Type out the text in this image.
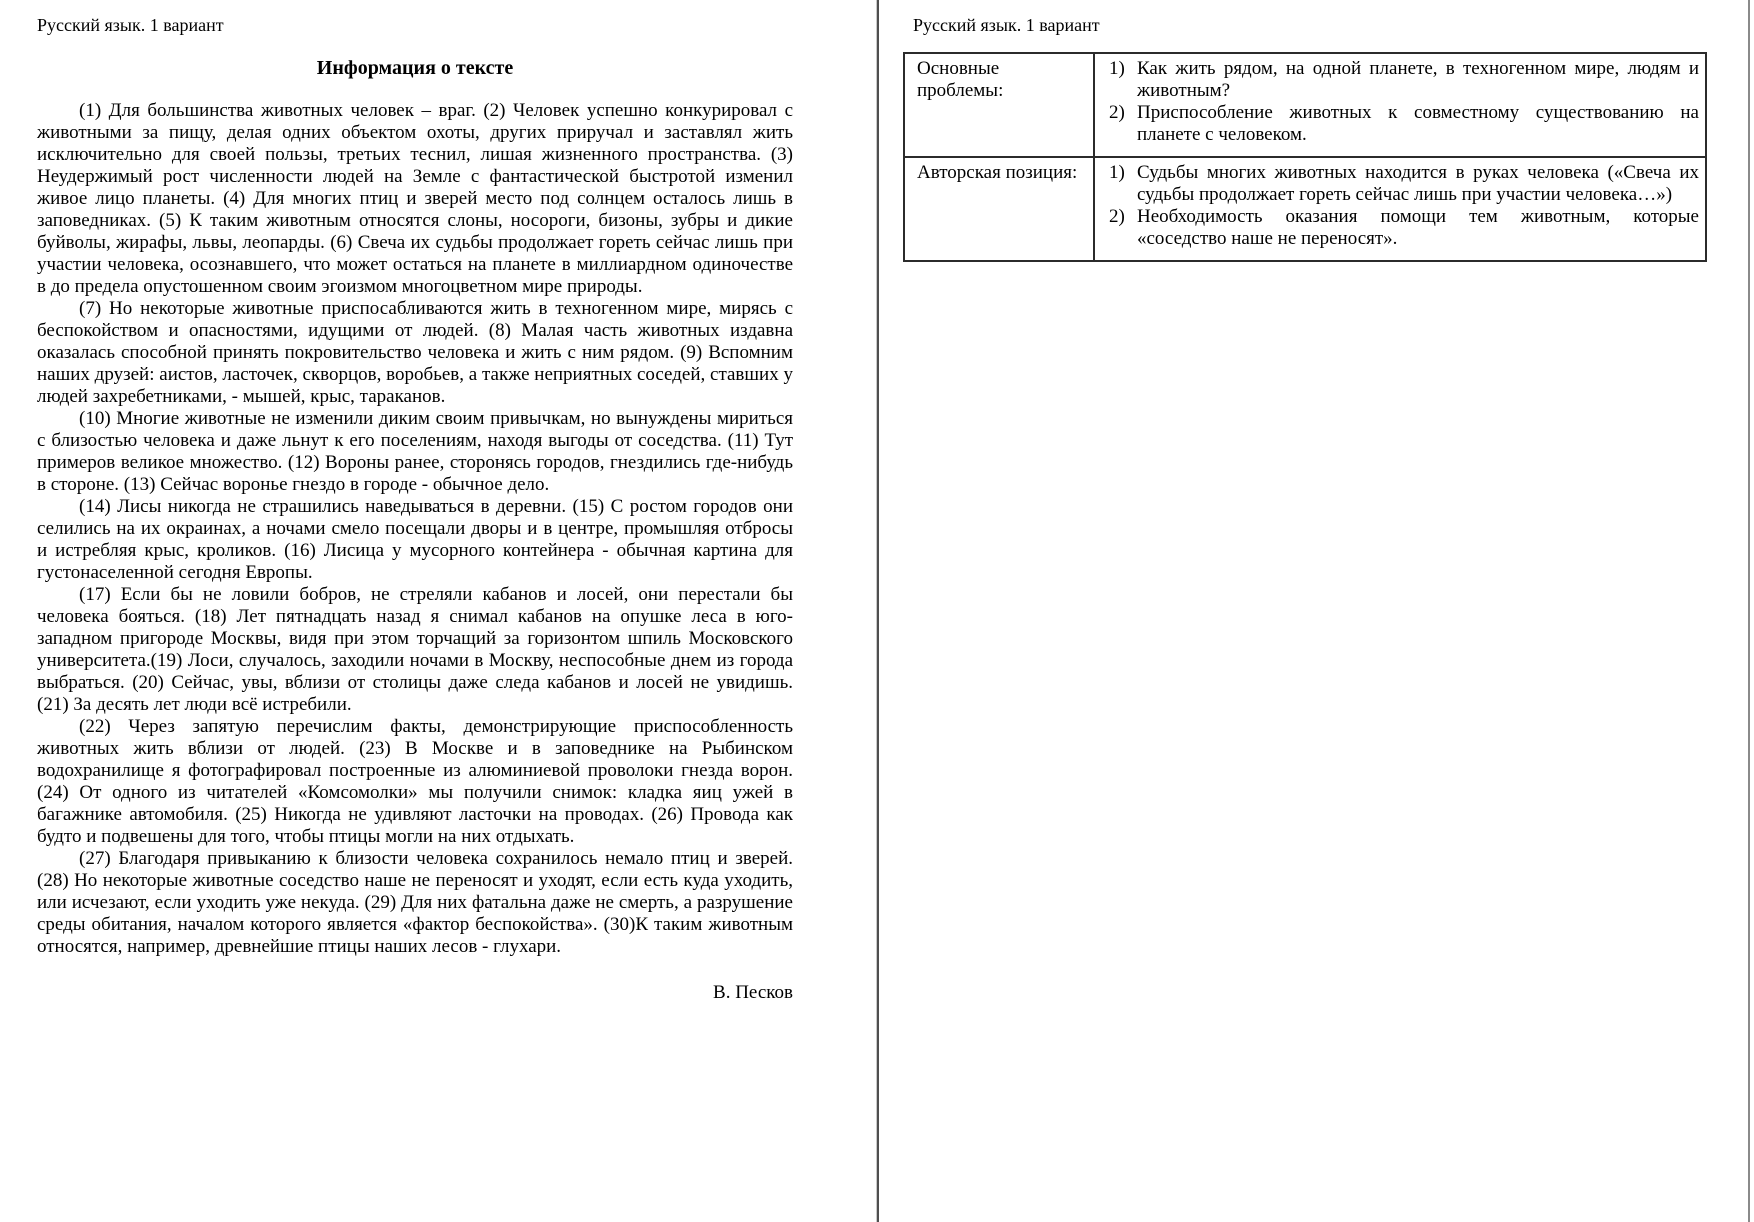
Русский язык. 1 вариант
Информация о тексте

(1) Для большинства животных человек – враг. (2) Человек успешно конкурировал с животными за пищу, делая одних объектом охоты, других приручал и заставлял жить исключительно для своей пользы, третьих теснил, лишая жизненного пространства. (3) Неудержимый рост численности людей на Земле с фантастической быстротой изменил живое лицо планеты. (4) Для многих птиц и зверей место под солнцем осталось лишь в заповедниках. (5) К таким животным относятся слоны, носороги, бизоны, зубры и дикие буйволы, жирафы, львы, леопарды. (6) Свеча их судьбы продолжает гореть сейчас лишь при участии человека, осознавшего, что может остаться на планете в миллиардном одиночестве в до предела опустошенном своим эгоизмом многоцветном мире природы.

(7) Но некоторые животные приспосабливаются жить в техногенном мире, мирясь с беспокойством и опасностями, идущими от людей. (8) Малая часть животных издавна оказалась способной принять покровительство человека и жить с ним рядом. (9) Вспомним наших друзей: аистов, ласточек, скворцов, воробьев, а также неприятных соседей, ставших у людей захребетниками, - мышей, крыс, тараканов.

(10) Многие животные не изменили диким своим привычкам, но вынуждены мириться с близостью человека и даже льнут к его поселениям, находя выгоды от соседства. (11) Тут примеров великое множество. (12) Вороны ранее, сторонясь городов, гнездились где-нибудь в стороне. (13) Сейчас воронье гнездо в городе - обычное дело.

(14) Лисы никогда не страшились наведываться в деревни. (15) С ростом городов они селились на их окраинах, а ночами смело посещали дворы и в центре, промышляя отбросы и истребляя крыс, кроликов. (16) Лисица у мусорного контейнера - обычная картина для густонаселенной сегодня Европы.

(17) Если бы не ловили бобров, не стреляли кабанов и лосей, они перестали бы человека бояться. (18) Лет пятнадцать назад я снимал кабанов на опушке леса в юго-западном пригороде Москвы, видя при этом торчащий за горизонтом шпиль Московского университета.(19) Лоси, случалось, заходили ночами в Москву, неспособные днем из города выбраться. (20) Сейчас, увы, вблизи от столицы даже следа кабанов и лосей не увидишь. (21) За десять лет люди всё истребили.

(22) Через запятую перечислим факты, демонстрирующие приспособленность животных жить вблизи от людей. (23) В Москве и в заповеднике на Рыбинском водохранилище я фотографировал построенные из алюминиевой проволоки гнезда ворон. (24) От одного из читателей «Комсомолки» мы получили снимок: кладка яиц ужей в багажнике автомобиля. (25) Никогда не удивляют ласточки на проводах. (26) Провода как будто и подвешены для того, чтобы птицы могли на них отдыхать.

(27) Благодаря привыканию к близости человека сохранилось немало птиц и зверей. (28) Но некоторые животные соседство наше не переносят и уходят, если есть куда уходить, или исчезают, если уходить уже некуда. (29) Для них фатальна даже не смерть, а разрушение среды обитания, началом которого является «фактор беспокойства». (30)К таким животным относятся, например, древнейшие птицы наших лесов - глухари.

В. Песков
Русский язык. 1 вариант
Основные проблемы:	1) Как жить рядом, на одной планете, в техногенном мире, людям и животным?
2) Приспособление животных к совместному существованию на планете с человеком.

Авторская позиция:	1) Судьбы многих животных находится в руках человека («Свеча их судьбы продолжает гореть сейчас лишь при участии человека…»)
2) Необходимость оказания помощи тем животным, которые «соседство наше не переносят».
